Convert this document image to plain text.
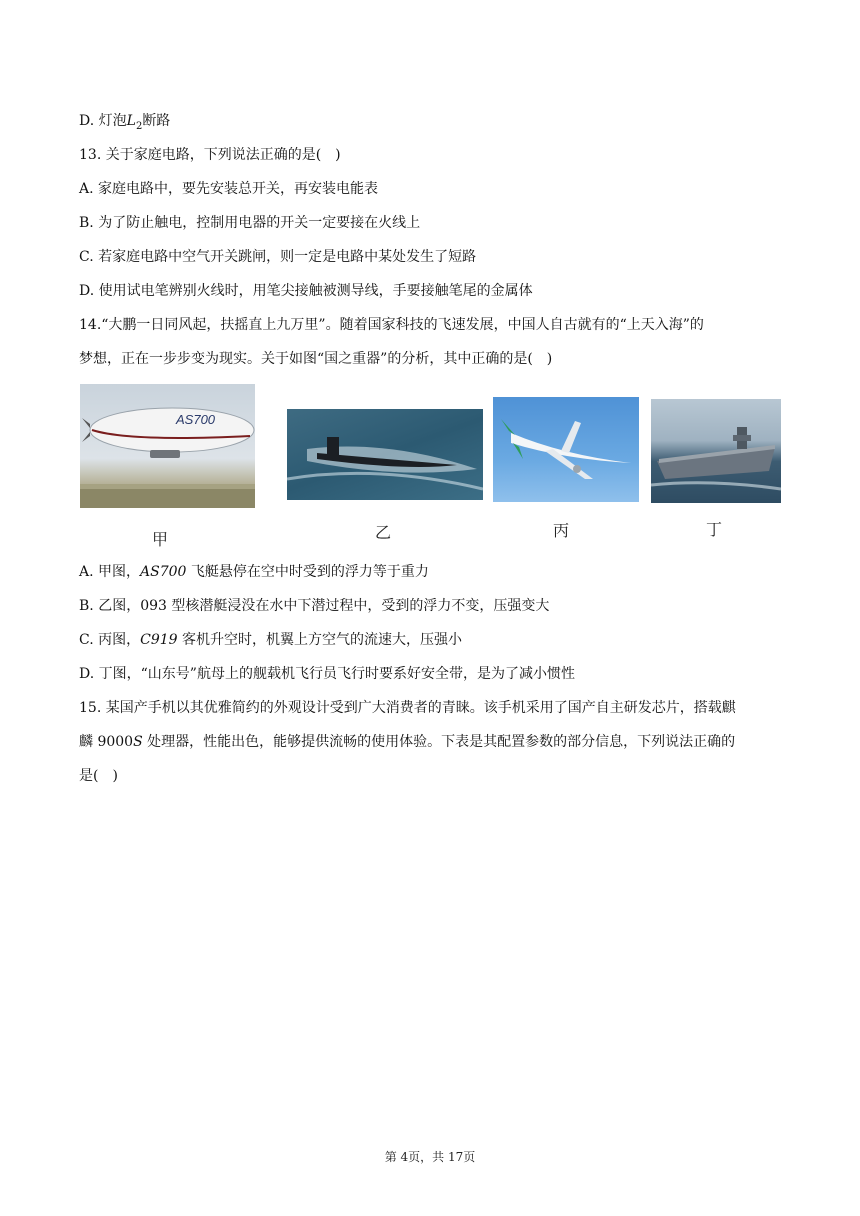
D. 灯泡$L_2$断路
13. 关于家庭电路，下列说法正确的是(　)
A. 家庭电路中，要先安装总开关，再安装电能表
B. 为了防止触电，控制用电器的开关一定要接在火线上
C. 若家庭电路中空气开关跳闸，则一定是电路中某处发生了短路
D. 使用试电笔辨别火线时，用笔尖接触被测导线，手要接触笔尾的金属体
14.“大鹏一日同风起，扶摇直上九万里”。随着国家科技的飞速发展，中国人自古就有的“上天入海”的
梦想，正在一步步变为现实。关于如图“国之重器”的分析，其中正确的是(　)
AS700
甲	乙	丙	丁
A. 甲图，AS700 飞艇悬停在空中时受到的浮力等于重力
B. 乙图，093 型核潜艇浸没在水中下潜过程中，受到的浮力不变，压强变大
C. 丙图，C919 客机升空时，机翼上方空气的流速大，压强小
D. 丁图，“山东号”航母上的舰载机飞行员飞行时要系好安全带，是为了减小惯性
15. 某国产手机以其优雅简约的外观设计受到广大消费者的青睐。该手机采用了国产自主研发芯片，搭载麒
麟 9000S 处理器，性能出色，能够提供流畅的使用体验。下表是其配置参数的部分信息，下列说法正确的
是(　)
第 4页，共 17页
